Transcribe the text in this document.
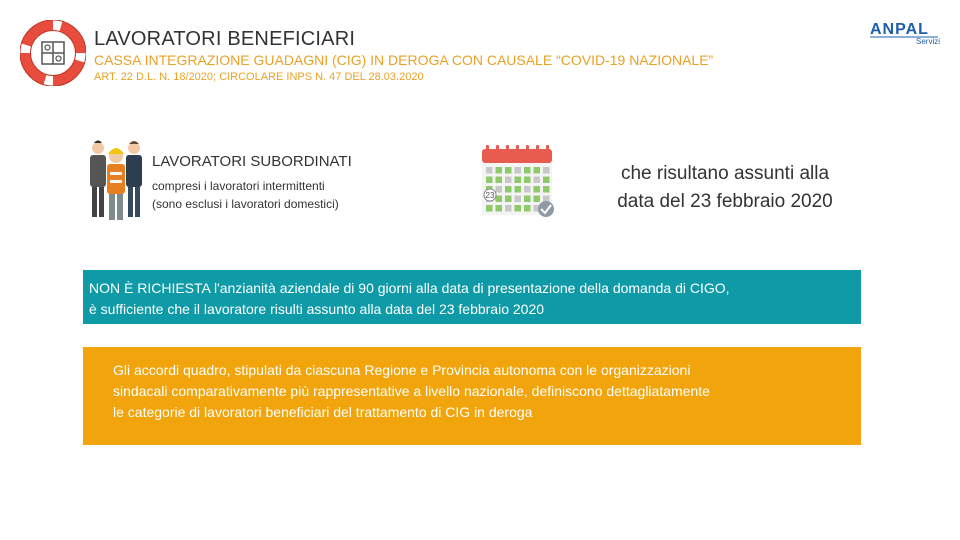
LAVORATORI BENEFICIARI
CASSA INTEGRAZIONE GUADAGNI (CIG) IN DEROGA CON CAUSALE “COVID-19 NAZIONALE”
ART. 22 D.L. N. 18/2020; CIRCOLARE INPS N. 47 DEL 28.03.2020
ANPAL
Servizi
LAVORATORI SUBORDINATI
compresi i lavoratori intermittenti
(sono esclusi i lavoratori domestici)
23
che risultano assunti alla
data del 23 febbraio 2020

NON È RICHIESTA l'anzianità aziendale di 90 giorni alla data di presentazione della domanda di CIGO,

è sufficiente che il lavoratore risulti assunto alla data del 23 febbraio 2020

Gli accordi quadro, stipulati da ciascuna Regione e Provincia autonoma con le organizzazioni

sindacali comparativamente più rappresentative a livello nazionale, definiscono dettagliatamente

le categorie di lavoratori beneficiari del trattamento di CIG in deroga
